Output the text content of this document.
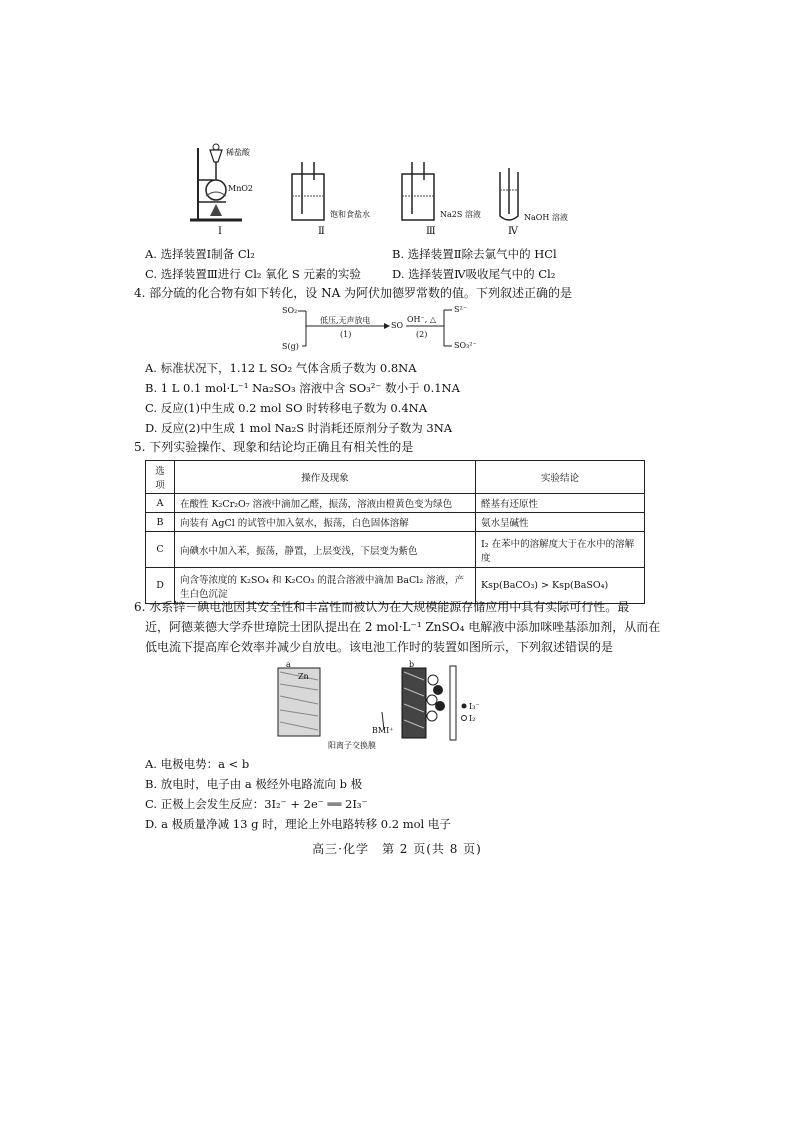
稀盐酸
MnO2
Ⅰ
饱和食盐水
Ⅱ
Na2S 溶液
Ⅲ
NaOH 溶液
Ⅳ
A. 选择装置Ⅰ制备 Cl₂	B. 选择装置Ⅱ除去氯气中的 HCl
C. 选择装置Ⅲ进行 Cl₂ 氧化 S 元素的实验	D. 选择装置Ⅳ吸收尾气中的 Cl₂
4. 部分硫的化合物有如下转化，设 NA 为阿伏加德罗常数的值。下列叙述正确的是
SO₂
S(g)
低压,无声放电
(1)
SO
OH⁻, △
(2)
S²⁻
SO₃²⁻
A. 标准状况下，1.12 L SO₂ 气体含质子数为 0.8NA
B. 1 L 0.1 mol·L⁻¹ Na₂SO₃ 溶液中含 SO₃²⁻ 数小于 0.1NA
C. 反应(1)中生成 0.2 mol SO 时转移电子数为 0.4NA
D. 反应(2)中生成 1 mol Na₂S 时消耗还原剂分子数为 3NA
5. 下列实验操作、现象和结论均正确且有相关性的是
选项	操作及现象	实验结论
A	在酸性 K₂Cr₂O₇ 溶液中滴加乙醛，振荡，溶液由橙黄色变为绿色	醛基有还原性
B	向装有 AgCl 的试管中加入氨水，振荡，白色固体溶解	氨水呈碱性
C	向碘水中加入苯，振荡，静置，上层变浅，下层变为紫色	I₂ 在苯中的溶解度大于在水中的溶解度
D	向含等浓度的 K₂SO₄ 和 K₂CO₃ 的混合溶液中滴加 BaCl₂ 溶液，产生白色沉淀	Ksp(BaCO₃) > Ksp(BaSO₄)
6. 水系锌－碘电池因其安全性和丰富性而被认为在大规模能源存储应用中具有实际可行性。最
近，阿德莱德大学乔世璋院士团队提出在 2 mol·L⁻¹ ZnSO₄ 电解液中添加咪唑基添加剂，从而在
低电流下提高库仑效率并减少自放电。该电池工作时的装置如图所示，下列叙述错误的是
a
Zn
b
BMI⁺
阳离子交换膜
I₃⁻
I₂
A. 电极电势：a < b
B. 放电时，电子由 a 极经外电路流向 b 极
C. 正极上会发生反应：3I₂⁻ + 2e⁻ ══ 2I₃⁻
D. a 极质量净减 13 g 时，理论上外电路转移 0.2 mol 电子
高三·化学　第 2 页(共 8 页)
